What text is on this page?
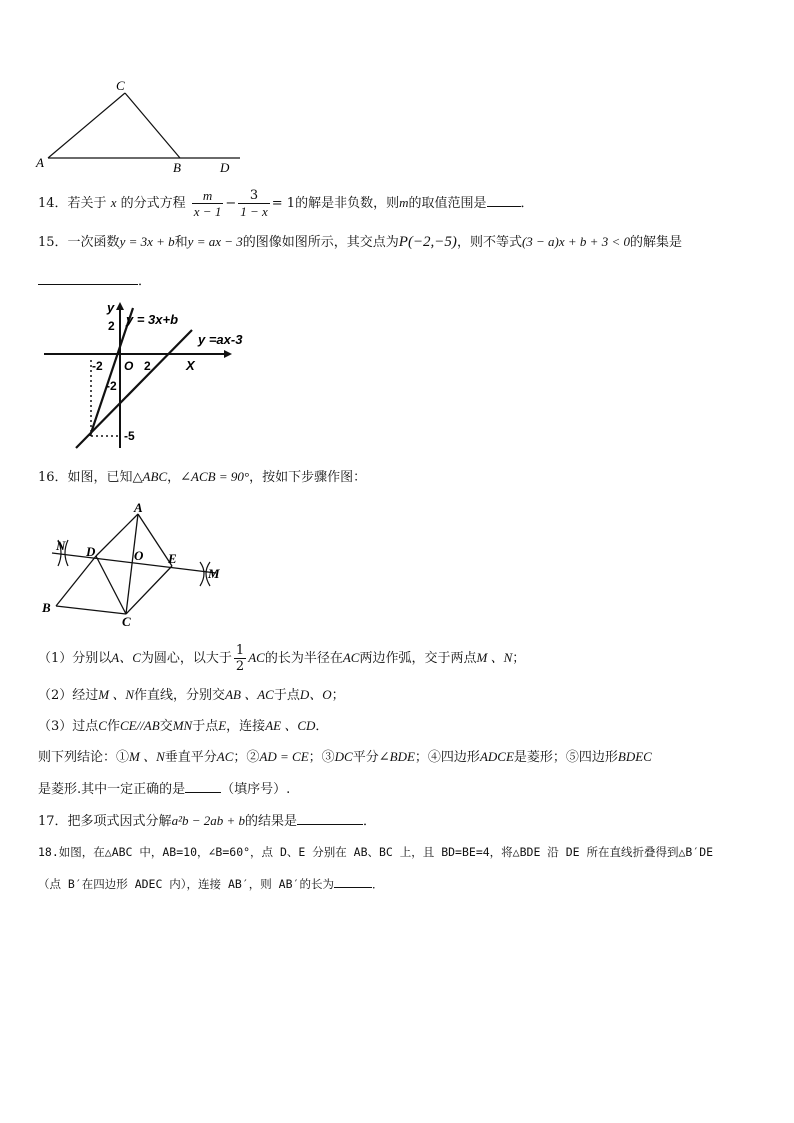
C
A	B	D
14．若关于 x 的分式方程 $\frac{m}{x - 1} - \frac{3}{1 - x} = 1$的解是非负数，则m的取值范围是	．
15．一次函数y = 3x + b和y = ax − 3的图像如图所示，其交点为P(−2,−5)，则不等式(3 − a)x + b + 3 < 0的解集是
．
y
2 y = 3x+b
y =ax-3
-2 O 2	X
-2
-5
16．如图，已知△ABC，∠ACB = 90°，按如下步骤作图：
A
N D	O E
M
B
C
（1）分别以A、C为圆心，以大于 $\frac{1}{2}$ AC的长为半径在AC两边作弧，交于两点M 、N；
（2）经过M 、N作直线，分别交AB 、AC于点D、O；
（3）过点C作CE//AB交MN于点E，连接AE 、CD．
则下列结论：①M 、N垂直平分AC；②AD = CE；③DC平分∠BDE；④四边形ADCE是菱形；⑤四边形BDEC
是菱形.其中一定正确的是	（填序号）.
17．把多项式因式分解a²b − 2ab + b的结果是	．
18.如图，在△ABC 中，AB=10，∠B=60°，点 D、E 分别在 AB、BC 上，且 BD=BE=4，将△BDE 沿 DE 所在直线折叠得到△B′DE
（点 B′在四边形 ADEC 内），连接 AB′，则 AB′的长为	．
